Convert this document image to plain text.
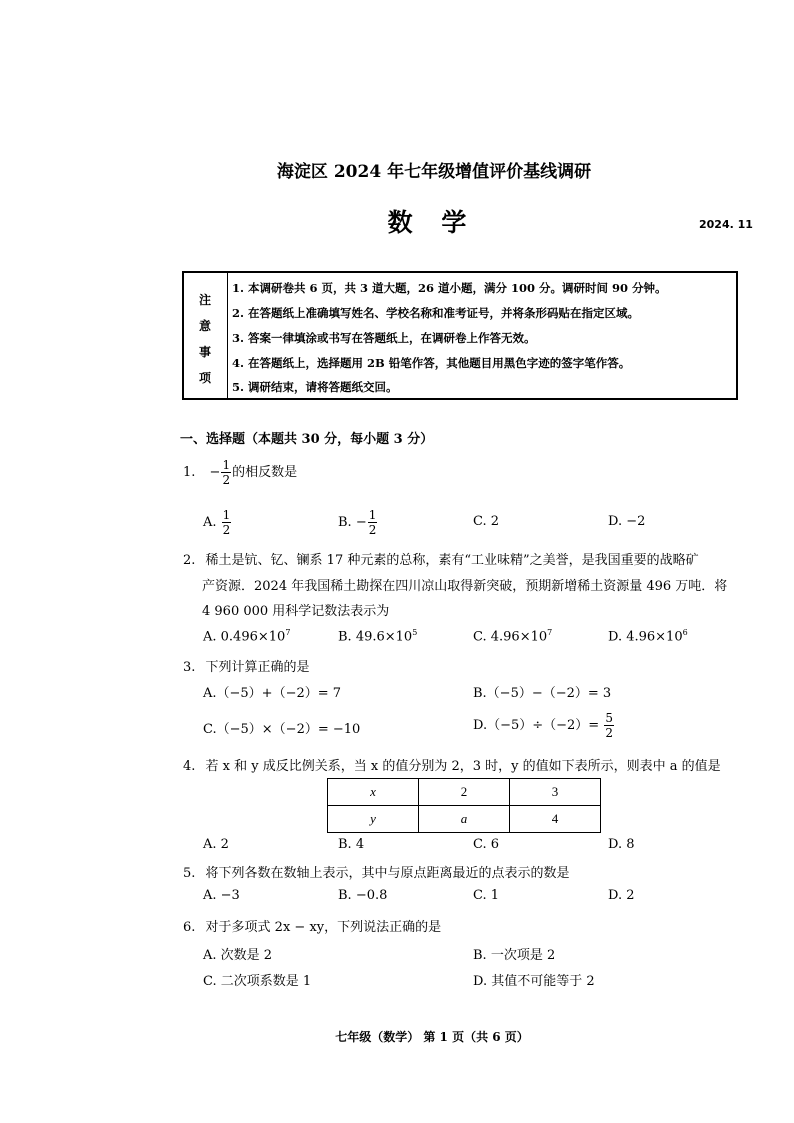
海淀区 2024 年七年级增值评价基线调研
数 学	2024. 11
注
意
事
项
1. 本调研卷共 6 页，共 3 道大题，26 道小题，满分 100 分。调研时间 90 分钟。
2. 在答题纸上准确填写姓名、学校名称和准考证号，并将条形码贴在指定区域。
3. 答案一律填涂或书写在答题纸上，在调研卷上作答无效。
4. 在答题纸上，选择题用 2B 铅笔作答，其他题目用黑色字迹的签字笔作答。
5. 调研结束，请将答题纸交回。
一、选择题（本题共 30 分，每小题 3 分）
1. − $\frac{1}{2}$ 的相反数是
A. $\frac{1}{2}$	B. − $\frac{1}{2}$	C. 2	D. −2
2. 稀土是钪、钇、镧系 17 种元素的总称，素有“工业味精”之美誉，是我国重要的战略矿
产资源．2024 年我国稀土勘探在四川凉山取得新突破，预期新增稀土资源量 496 万吨．将
4 960 000 用科学记数法表示为
A. $0.496\times 10^7$	B. $49.6\times 10^5$	C. $4.96\times 10^7$	D. $4.96\times 10^6$
3. 下列计算正确的是
A.（−5）+（−2）= 7	B.（−5）−（−2）= 3
C.（−5）×（−2）= −10	$D.(-5)\div(-2)= \frac{5}{2}$
4. 若 x 和 y 成反比例关系，当 x 的值分别为 2，3 时，y 的值如下表所示，则表中 a 的值是
x	2	3
y	a	4
A. 2	B. 4	C. 6	D. 8
5. 将下列各数在数轴上表示，其中与原点距离最近的点表示的数是
A. −3	B. −0.8	C. 1	D. 2
6. 对于多项式 2x − xy，下列说法正确的是
A. 次数是 2	B. 一次项是 2
C. 二次项系数是 1	D. 其值不可能等于 2
七年级（数学） 第 1 页（共 6 页）
